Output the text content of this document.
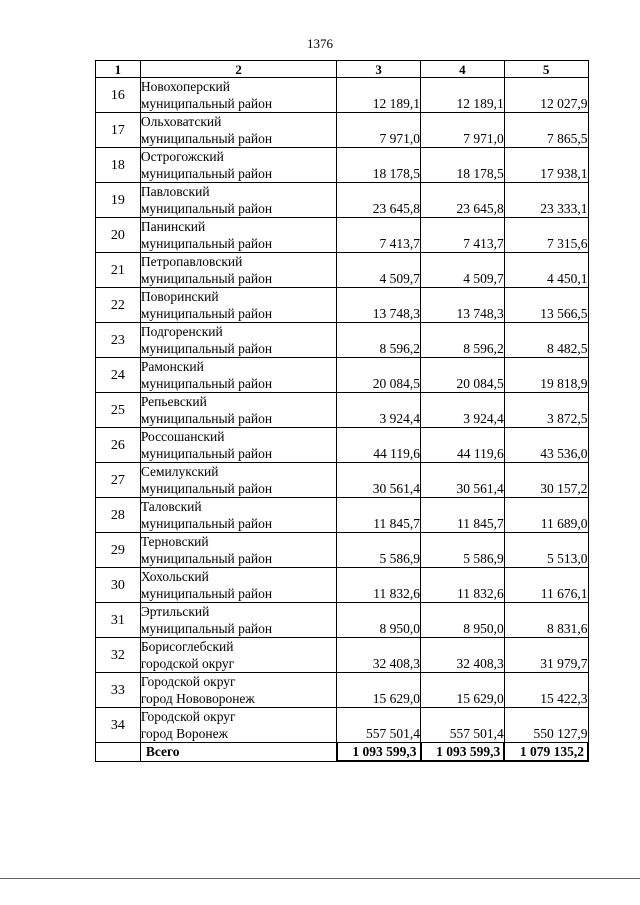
1376
1	2	3	4	5
16	Новохоперский
муниципальный район	12 189,1	12 189,1	12 027,9
17	Ольховатский
муниципальный район	7 971,0	7 971,0	7 865,5
18	Острогожский
муниципальный район	18 178,5	18 178,5	17 938,1
19	Павловский
муниципальный район	23 645,8	23 645,8	23 333,1
20	Панинский
муниципальный район	7 413,7	7 413,7	7 315,6
21	Петропавловский
муниципальный район	4 509,7	4 509,7	4 450,1
22	Поворинский
муниципальный район	13 748,3	13 748,3	13 566,5
23	Подгоренский
муниципальный район	8 596,2	8 596,2	8 482,5
24	Рамонский
муниципальный район	20 084,5	20 084,5	19 818,9
25	Репьевский
муниципальный район	3 924,4	3 924,4	3 872,5
26	Россошанский
муниципальный район	44 119,6	44 119,6	43 536,0
27	Семилукский
муниципальный район	30 561,4	30 561,4	30 157,2
28	Таловский
муниципальный район	11 845,7	11 845,7	11 689,0
29	Терновский
муниципальный район	5 586,9	5 586,9	5 513,0
30	Хохольский
муниципальный район	11 832,6	11 832,6	11 676,1
31	Эртильский
муниципальный район	8 950,0	8 950,0	8 831,6
32	Борисоглебский
городской округ	32 408,3	32 408,3	31 979,7
33	Городской округ
город Нововоронеж	15 629,0	15 629,0	15 422,3
34	Городской округ
город Воронеж	557 501,4	557 501,4	550 127,9
	Всего	1 093 599,3	1 093 599,3	1 079 135,2
